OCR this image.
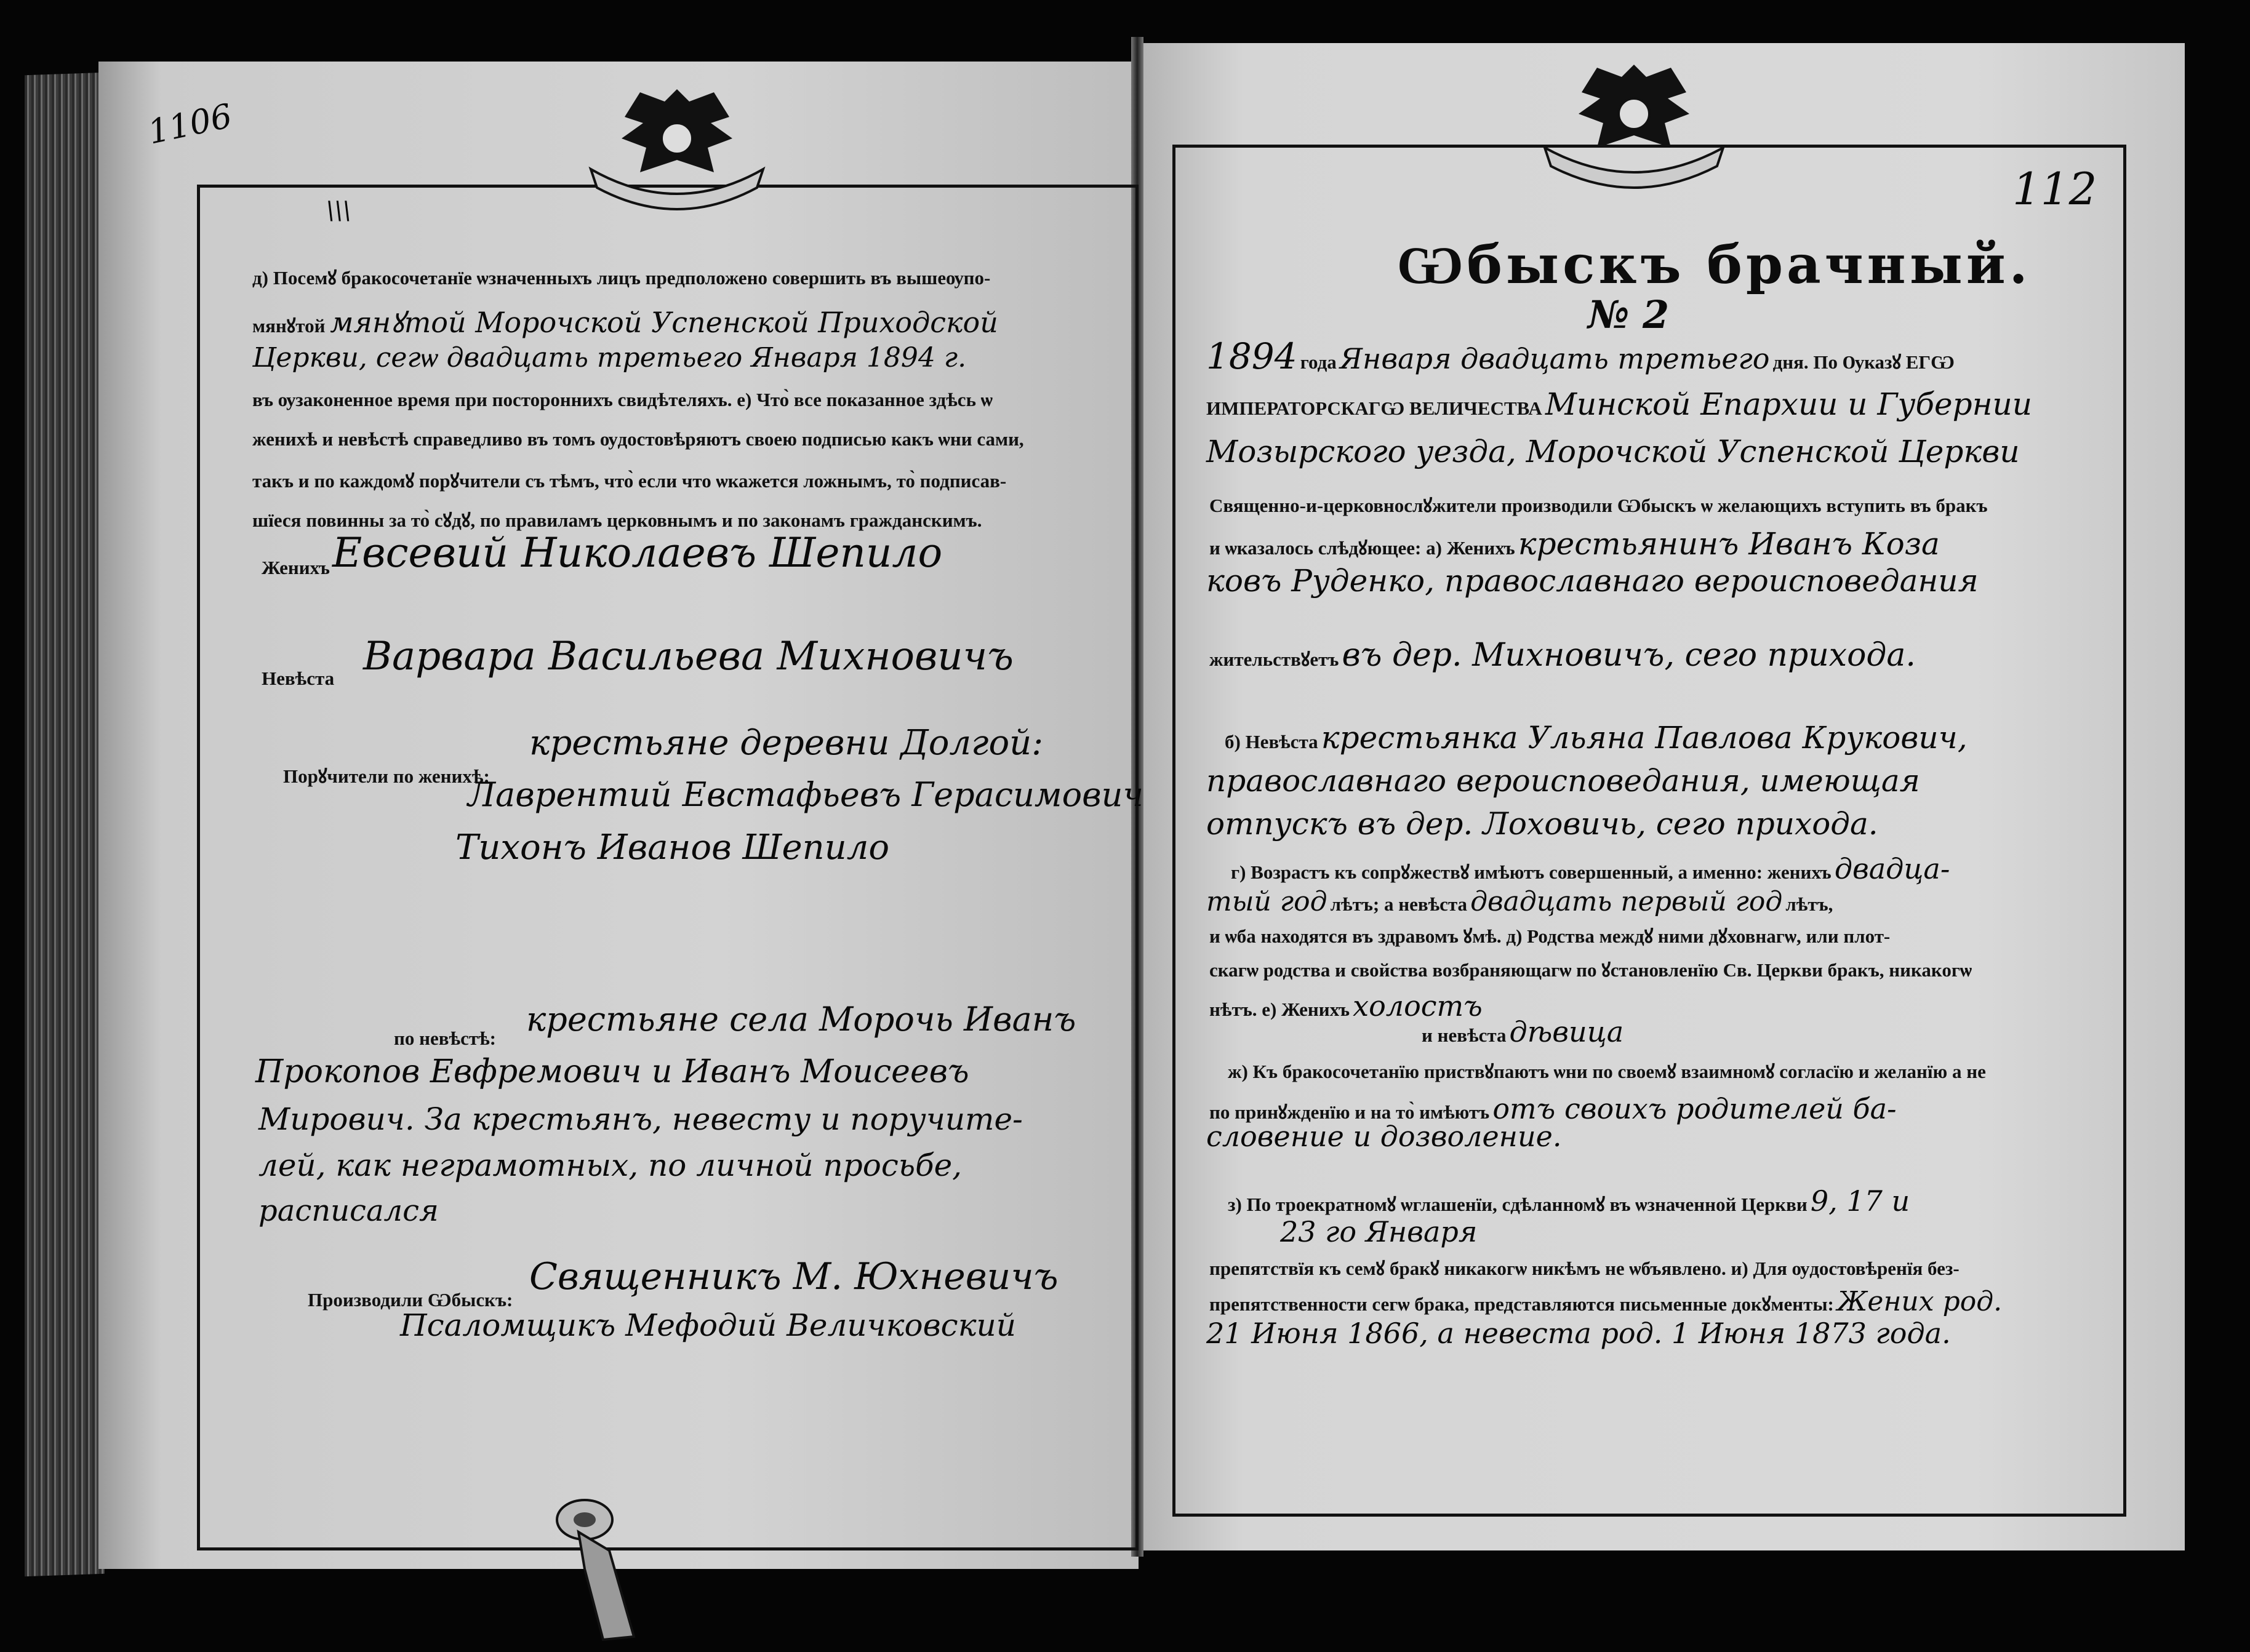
1106
\\\
д) Посемꙋ бракосочетанїе ѡзначенныхъ лицъ предположено совершить въ вышеѹпо-
мянꙋтой мянꙋтой Морочской Успенской Приходской
Церкви, сегѡ двадцать третьего Января 1894 г.
въ ѹзаконенное время при постороннихъ свидѣтеляхъ. е) Что̀ все показанное здѣсь ѡ
женихѣ и невѣстѣ справедливо въ томъ ѹдостовѣряютъ своею подписью какъ ѡни сами,
такъ и по каждомꙋ порꙋчители съ тѣмъ, что̀ если что ѡкажется ложнымъ, то̀ подписав-
шїеся повинны за то̀ сꙋдꙋ, по правиламъ церковнымъ и по законамъ гражданскимъ.
Женихъ Евсевий Николаевъ Шепило
Невѣста Варвара Васильева Михновичъ
Порꙋчители по женихѣ:
крестьяне деревни Долгой:
Лаврентий Евстафьевъ Герасимович
Тихонъ Иванов Шепило
по невѣстѣ: крестьяне села Морочь Иванъ
Прокопов Евфремович и Иванъ Моисеевъ
Мирович. За крестьянъ, невесту и поручите-
лей, как неграмотных, по личной просьбе,
расписался
Производили Ѡбыскъ:
Священникъ М. Юхневичъ
Псаломщикъ Мефодий Величковский
112
Ѡбыскъ брачный.
№ 2
1894 года Января двадцать третьего дня. По Ѹказꙋ ЕГѠ
ИМПЕРАТОРСКАГѠ ВЕЛИЧЕСТВА Минской Епархии и Губернии
Мозырского уезда, Морочской Успенской Церкви
Священно-и-церковнослꙋжители производили Ѡбыскъ ѡ желающихъ вступить въ бракъ
и ѡказалось слѣдꙋющее: а) Женихъ крестьянинъ Иванъ Коза
ковъ Руденко, православнаго вероисповедания
жительствꙋетъ въ дер. Михновичъ, сего прихода.
б) Невѣста крестьянка Ульяна Павлова Крукович,
православнаго вероисповедания, имеющая
отпускъ въ дер. Лоховичь, сего прихода.
г) Возрастъ къ сопрꙋжествꙋ имѣютъ совершенный, а именно: женихъ двадца-
тый год лѣтъ; а невѣста двадцать первый год лѣтъ,
и ѡба находятся въ здравомъ ꙋмѣ. д) Родства междꙋ ними дꙋховнагѡ, или плот-
скагѡ родства и свойства возбраняющагѡ по ꙋстановленїю Св. Церкви бракъ, никакогѡ
нѣтъ. е) Женихъ холостъ
и невѣста дѣвица
ж) Къ бракосочетанїю приствꙋпаютъ ѡни по своемꙋ взаимномꙋ согласїю и желанїю а не
по принꙋжденїю и на то̀ имѣютъ отъ своихъ родителей ба-
словение и дозволение.
з) По троекратномꙋ ѡглашенїи, сдѣланномꙋ въ ѡзначенной Церкви 9, 17 и
23 го Января
препятствїя къ семꙋ бракꙋ никакогѡ никѣмъ не ѡбъявлено. и) Для ѹдостовѣренїя без-
препятственности сегѡ брака, представляются письменные докꙋменты: Жених род.
21 Июня 1866, а невеста род. 1 Июня 1873 года.
